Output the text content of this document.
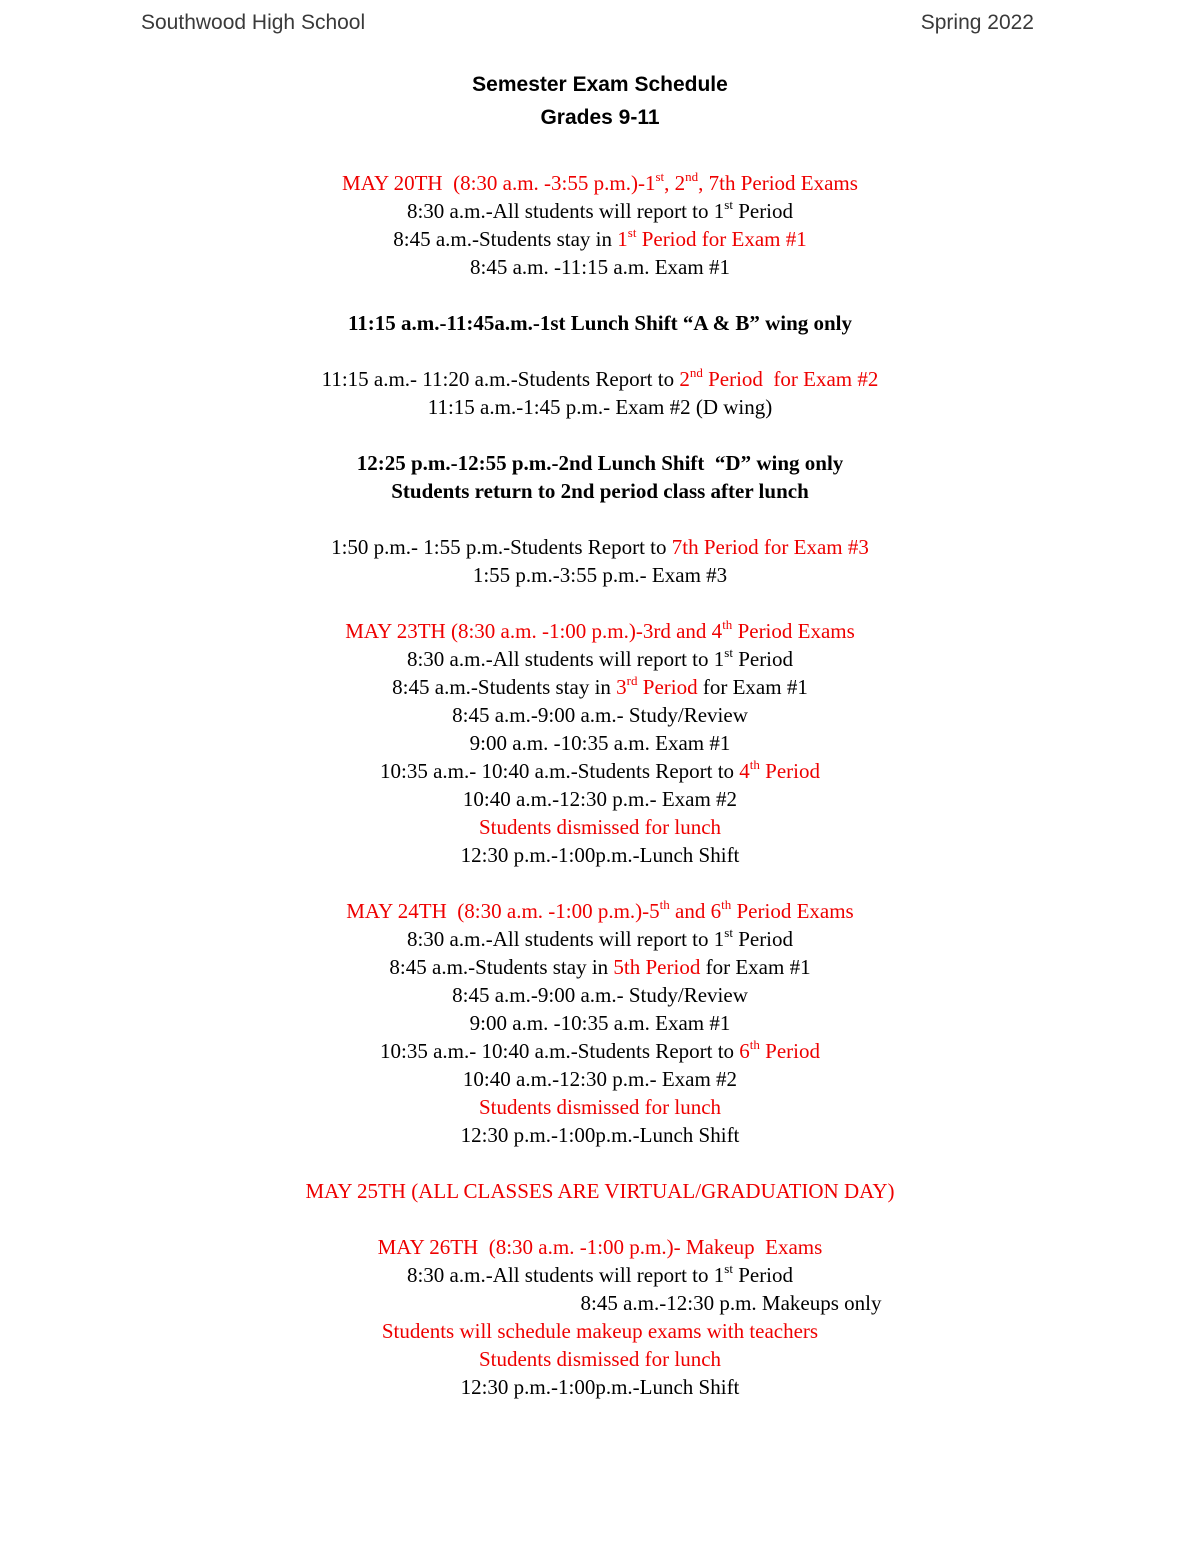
Southwood High School	Spring 2022
Semester Exam Schedule
Grades 9-11
MAY 20TH  (8:30 a.m. -3:55 p.m.)-1st, 2nd, 7th Period Exams
8:30 a.m.-All students will report to 1st Period
8:45 a.m.-Students stay in 1st Period for Exam #1
8:45 a.m. -11:15 a.m. Exam #1
11:15 a.m.-11:45a.m.-1st Lunch Shift “A & B” wing only
11:15 a.m.- 11:20 a.m.-Students Report to 2nd Period  for Exam #2
11:15 a.m.-1:45 p.m.- Exam #2 (D wing)
12:25 p.m.-12:55 p.m.-2nd Lunch Shift  “D” wing only
Students return to 2nd period class after lunch
1:50 p.m.- 1:55 p.m.-Students Report to 7th Period for Exam #3
1:55 p.m.-3:55 p.m.- Exam #3
MAY 23TH (8:30 a.m. -1:00 p.m.)-3rd and 4th Period Exams
8:30 a.m.-All students will report to 1st Period
8:45 a.m.-Students stay in 3rd Period for Exam #1
8:45 a.m.-9:00 a.m.- Study/Review
9:00 a.m. -10:35 a.m. Exam #1
10:35 a.m.- 10:40 a.m.-Students Report to 4th Period
10:40 a.m.-12:30 p.m.- Exam #2
Students dismissed for lunch
12:30 p.m.-1:00p.m.-Lunch Shift
MAY 24TH  (8:30 a.m. -1:00 p.m.)-5th and 6th Period Exams
8:30 a.m.-All students will report to 1st Period
8:45 a.m.-Students stay in 5th Period for Exam #1
8:45 a.m.-9:00 a.m.- Study/Review
9:00 a.m. -10:35 a.m. Exam #1
10:35 a.m.- 10:40 a.m.-Students Report to 6th Period
10:40 a.m.-12:30 p.m.- Exam #2
Students dismissed for lunch
12:30 p.m.-1:00p.m.-Lunch Shift
MAY 25TH (ALL CLASSES ARE VIRTUAL/GRADUATION DAY)
MAY 26TH  (8:30 a.m. -1:00 p.m.)- Makeup  Exams
8:30 a.m.-All students will report to 1st Period
8:45 a.m.-12:30 p.m. Makeups only
Students will schedule makeup exams with teachers
Students dismissed for lunch
12:30 p.m.-1:00p.m.-Lunch Shift
